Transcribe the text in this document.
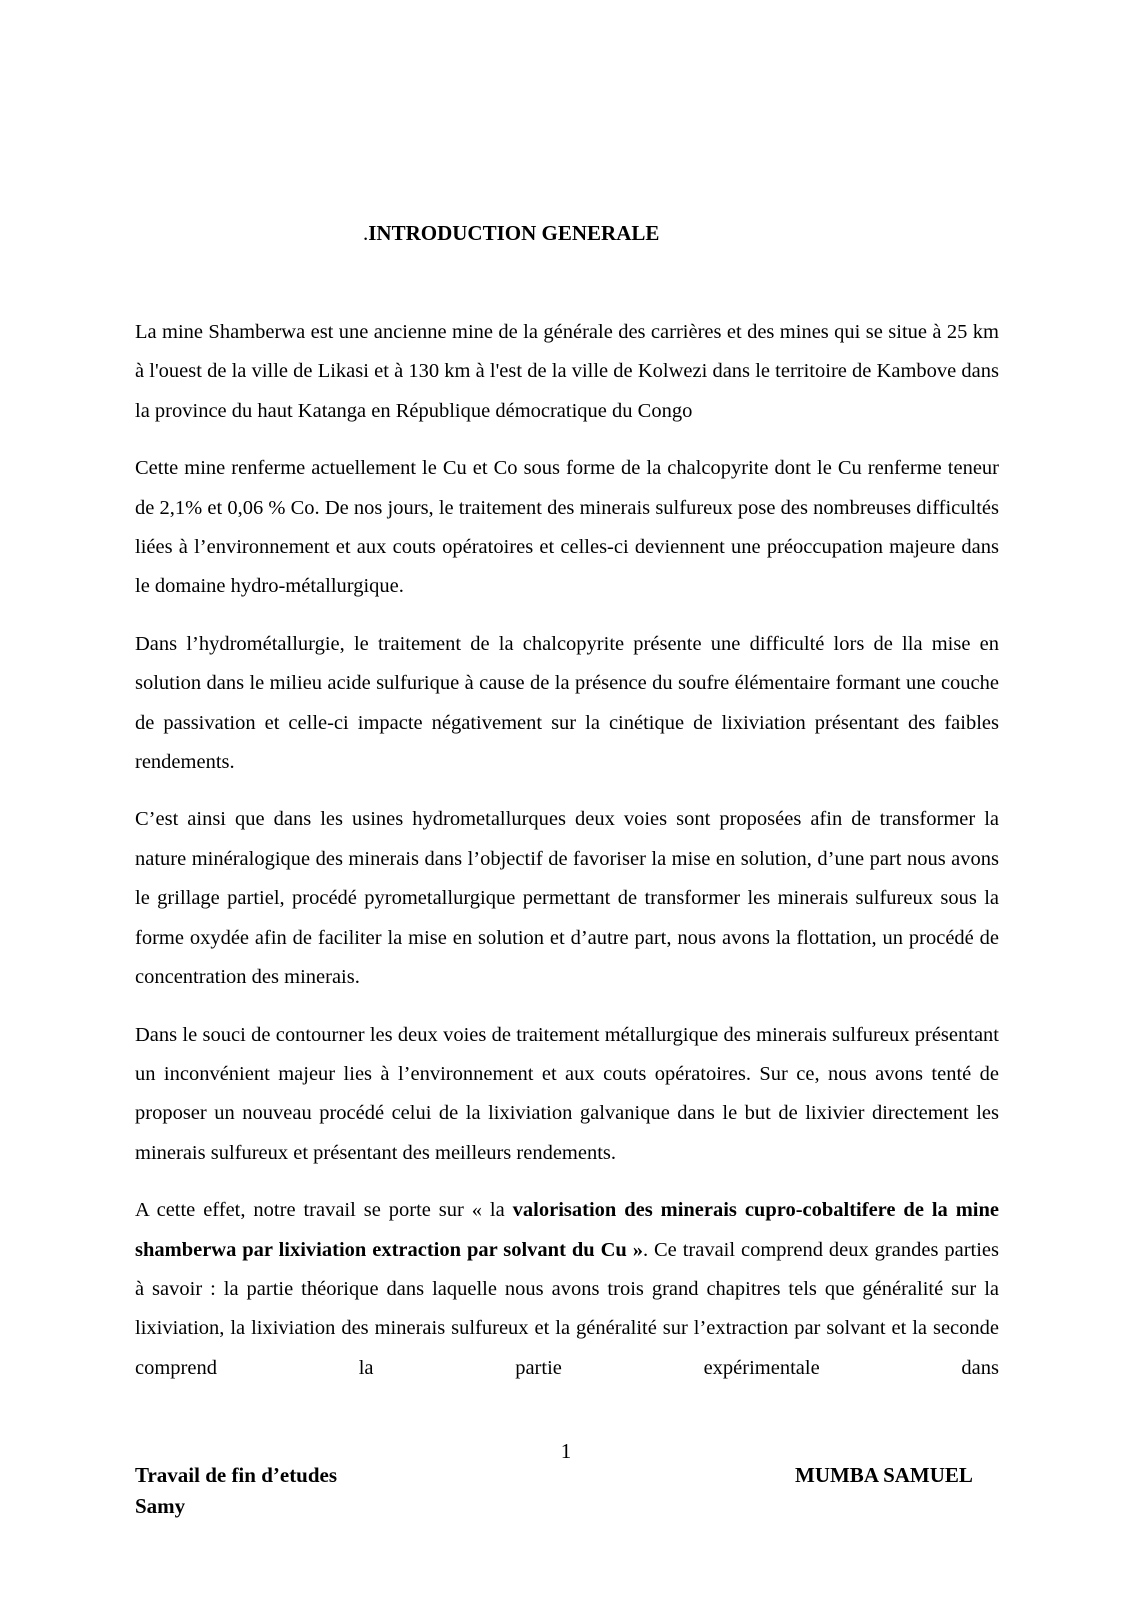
.INTRODUCTION GENERALE

La mine Shamberwa est une ancienne mine de la générale des carrières et des mines qui se situe à 25 km à l'ouest de la ville de Likasi et à 130 km à l'est de la ville de Kolwezi dans le territoire de Kambove dans la province du haut Katanga en République démocratique du Congo

Cette mine renferme actuellement le Cu et Co sous forme de la chalcopyrite dont le Cu renferme teneur de 2,1% et 0,06 % Co. De nos jours, le traitement des minerais sulfureux pose des nombreuses difficultés liées à l’environnement et aux couts opératoires et celles-ci deviennent une préoccupation majeure dans le domaine hydro-métallurgique.

Dans l’hydrométallurgie, le traitement de la chalcopyrite présente une difficulté lors de lla mise en solution dans le milieu acide sulfurique à cause de la présence du soufre élémentaire formant une couche de passivation et celle-ci impacte négativement sur la cinétique de lixiviation présentant des faibles rendements.

C’est ainsi que dans les usines hydrometallurques deux voies sont proposées afin de transformer la nature minéralogique des minerais dans l’objectif de favoriser la mise en solution, d’une part nous avons le grillage partiel, procédé pyrometallurgique permettant de transformer les minerais sulfureux sous la forme oxydée afin de faciliter la mise en solution et d’autre part, nous avons la flottation, un procédé de concentration des minerais.

Dans le souci de contourner les deux voies de traitement métallurgique des minerais sulfureux présentant un inconvénient majeur lies à l’environnement et aux couts opératoires. Sur ce, nous avons tenté de proposer un nouveau procédé celui de la lixiviation galvanique dans le but de lixivier directement les minerais sulfureux et présentant des meilleurs rendements.

A cette effet, notre travail se porte sur « la valorisation des minerais cupro-cobaltifere de la mine shamberwa par lixiviation extraction par solvant du Cu ». Ce travail comprend deux grandes parties à savoir : la partie théorique dans laquelle nous avons trois grand chapitres tels que généralité sur la lixiviation, la lixiviation des minerais sulfureux et la généralité sur l’extraction par solvant et la seconde comprend la partie expérimentale dans

1
Travail de fin d’etudes
Samy
MUMBA SAMUEL
